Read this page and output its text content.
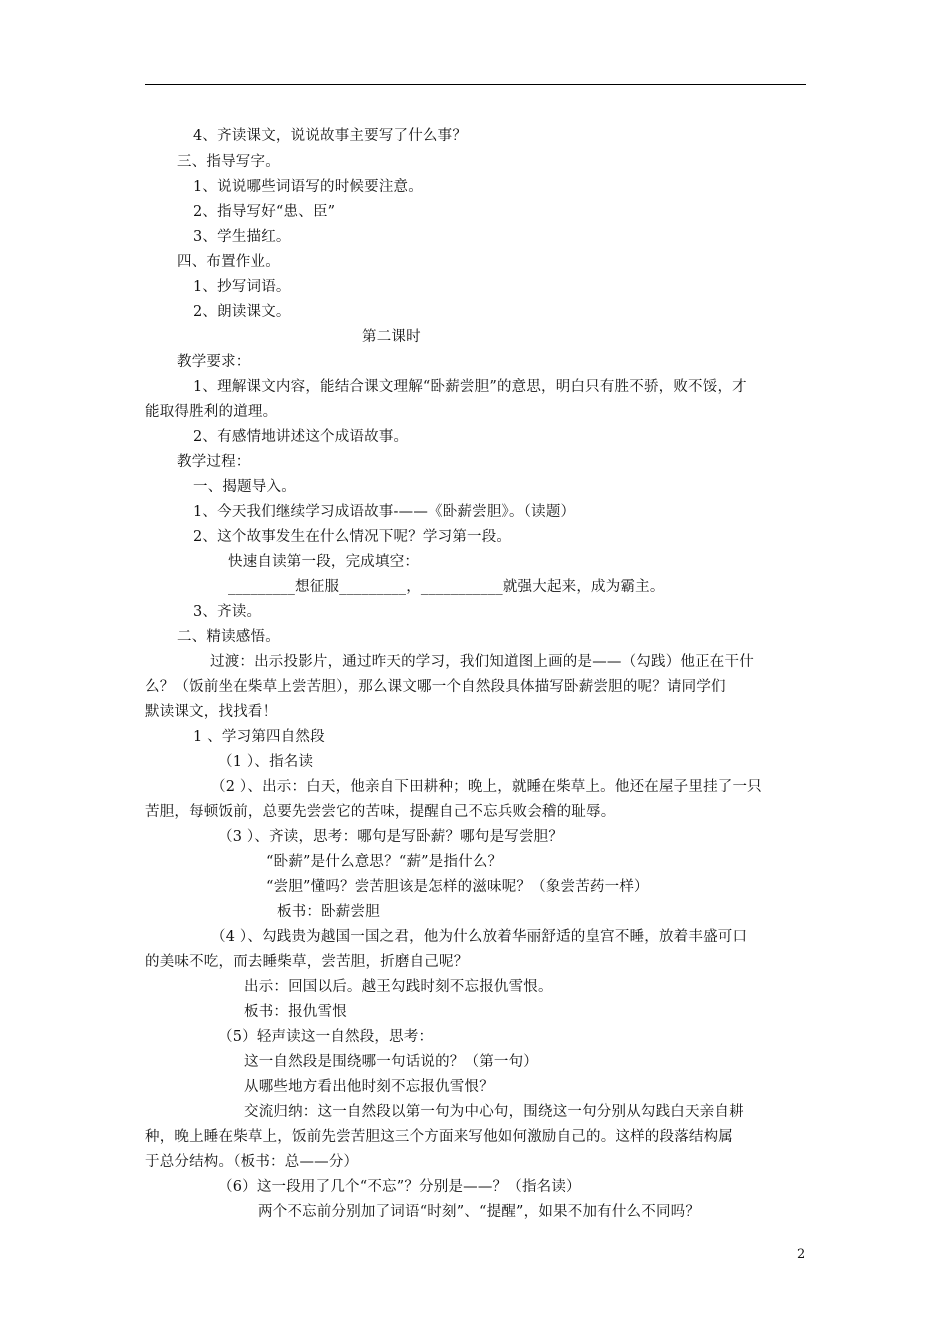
4、齐读课文，说说故事主要写了什么事？
三、指导写字。
1、说说哪些词语写的时候要注意。
2、指导写好“患、臣”
3、学生描红。
四、布置作业。
1、抄写词语。
2、朗读课文。
第二课时
教学要求：
1、理解课文内容，能结合课文理解“卧薪尝胆”的意思，明白只有胜不骄，败不馁，才
能取得胜利的道理。
2、有感情地讲述这个成语故事。
教学过程：
一、揭题导入。
1、今天我们继续学习成语故事-——《卧薪尝胆》。（读题）
2、这个故事发生在什么情况下呢？学习第一段。
快速自读第一段，完成填空：
_________想征服_________，___________就强大起来，成为霸主。
3、齐读。
二、精读感悟。
过渡：出示投影片，通过昨天的学习，我们知道图上画的是——（勾践）他正在干什
么？（饭前坐在柴草上尝苦胆），那么课文哪一个自然段具体描写卧薪尝胆的呢？请同学们
默读课文，找找看！
1 、学习第四自然段
（1 ）、指名读
（2 ）、出示：白天，他亲自下田耕种；晚上，就睡在柴草上。他还在屋子里挂了一只
苦胆，每顿饭前，总要先尝尝它的苦味，提醒自己不忘兵败会稽的耻辱。
（3 ）、齐读，思考：哪句是写卧薪？哪句是写尝胆？
“卧薪”是什么意思？“薪”是指什么？
“尝胆”懂吗？尝苦胆该是怎样的滋味呢？（象尝苦药一样）
板书：卧薪尝胆
（4 ）、勾践贵为越国一国之君，他为什么放着华丽舒适的皇宫不睡，放着丰盛可口
的美味不吃，而去睡柴草，尝苦胆，折磨自己呢？
出示：回国以后。越王勾践时刻不忘报仇雪恨。
板书：报仇雪恨
（5）轻声读这一自然段，思考：
这一自然段是围绕哪一句话说的？（第一句）
从哪些地方看出他时刻不忘报仇雪恨？
交流归纳：这一自然段以第一句为中心句，围绕这一句分别从勾践白天亲自耕
种，晚上睡在柴草上，饭前先尝苦胆这三个方面来写他如何激励自己的。这样的段落结构属
于总分结构。（板书：总——分）
（6）这一段用了几个“不忘”？分别是——？（指名读）
两个不忘前分别加了词语“时刻”、“提醒”，如果不加有什么不同吗？
2
